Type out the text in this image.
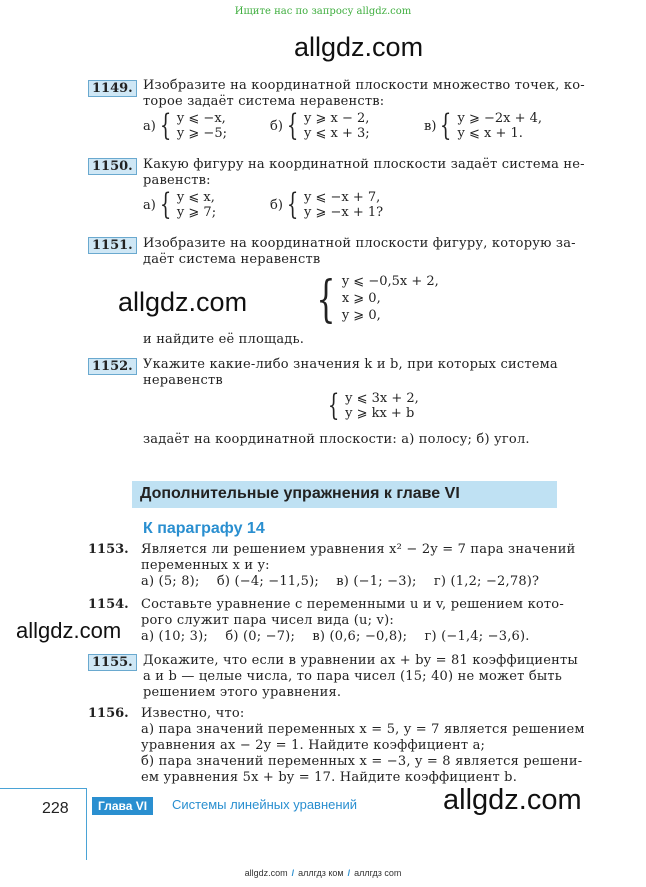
Ищите нас по запросу allgdz.com
allgdz.com
allgdz.com
allgdz.com
allgdz.com
1149. Изобразите на координатной плоскости множество точек, ко-
торое задаёт система неравенств:
а) { y ⩽ −x,
y ⩾ −5;	б) { y ⩾ x − 2,
y ⩽ x + 3;	в) { y ⩾ −2x + 4,
y ⩽ x + 1.
1150. Какую фигуру на координатной плоскости задаёт система не-
равенств:
а) { y ⩽ x,
y ⩾ 7;	б) { y ⩽ −x + 7,
y ⩾ −x + 1?
1151. Изобразите на координатной плоскости фигуру, которую за-
даёт система неравенств
{ y ⩽ −0,5x + 2,
x ⩾ 0,
y ⩾ 0,
и найдите её площадь.
1152. Укажите какие-либо значения k и b, при которых система
неравенств
{ y ⩽ 3x + 2,
y ⩾ kx + b
задаёт на координатной плоскости: а) полосу; б) угол.
Дополнительные упражнения к главе VI
К параграфу 14
1153. Является ли решением уравнения x² − 2y = 7 пара значений
переменных x и y:
а) (5; 8);    б) (−4; −11,5);    в) (−1; −3);    г) (1,2; −2,78)?
1154. Составьте уравнение с переменными u и v, решением кото-
рого служит пара чисел вида (u; v):
а) (10; 3);    б) (0; −7);    в) (0,6; −0,8);    г) (−1,4; −3,6).
1155. Докажите, что если в уравнении ax + by = 81 коэффициенты
a и b — целые числа, то пара чисел (15; 40) не может быть
решением этого уравнения.
1156. Известно, что:
а) пара значений переменных x = 5, y = 7 является решением
уравнения ax − 2y = 1. Найдите коэффициент a;
б) пара значений переменных x = −3, y = 8 является решени-
ем уравнения 5x + by = 17. Найдите коэффициент b.
228	Глава VI	Системы линейных уравнений
allgdz.com / аллгдз ком / аллгдз com
